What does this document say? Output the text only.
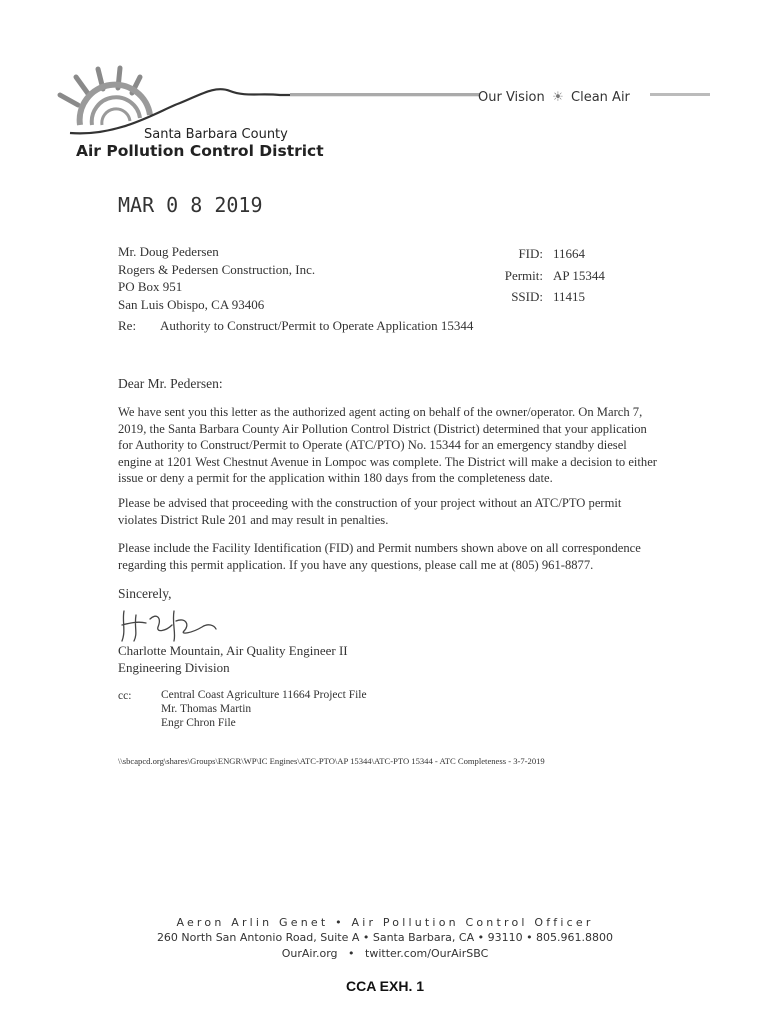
Our Vision ☀ Clean Air
Santa Barbara County
Air Pollution Control District
MAR 0 8 2019
Mr. Doug Pedersen
Rogers & Pedersen Construction, Inc.
PO Box 951
San Luis Obispo, CA 93406
FID: 11664
Permit: AP 15344
SSID: 11415
Re: Authority to Construct/Permit to Operate Application 15344
Dear Mr. Pedersen:
We have sent you this letter as the authorized agent acting on behalf of the owner/operator. On March 7, 2019, the Santa Barbara County Air Pollution Control District (District) determined that your application for Authority to Construct/Permit to Operate (ATC/PTO) No. 15344 for an emergency standby diesel engine at 1201 West Chestnut Avenue in Lompoc was complete. The District will make a decision to either issue or deny a permit for the application within 180 days from the completeness date.
Please be advised that proceeding with the construction of your project without an ATC/PTO permit violates District Rule 201 and may result in penalties.
Please include the Facility Identification (FID) and Permit numbers shown above on all correspondence regarding this permit application. If you have any questions, please call me at (805) 961-8877.
Sincerely,
Charlotte Mountain, Air Quality Engineer II
Engineering Division
cc:	Central Coast Agriculture 11664 Project File
Mr. Thomas Martin
Engr Chron File
\\sbcapcd.org\shares\Groups\ENGR\WP\IC Engines\ATC-PTO\AP 15344\ATC-PTO 15344 - ATC Completeness - 3-7-2019
Aeron Arlin Genet • Air Pollution Control Officer
260 North San Antonio Road, Suite A • Santa Barbara, CA • 93110 • 805.961.8800
OurAir.org • twitter.com/OurAirSBC
CCA EXH. 1
